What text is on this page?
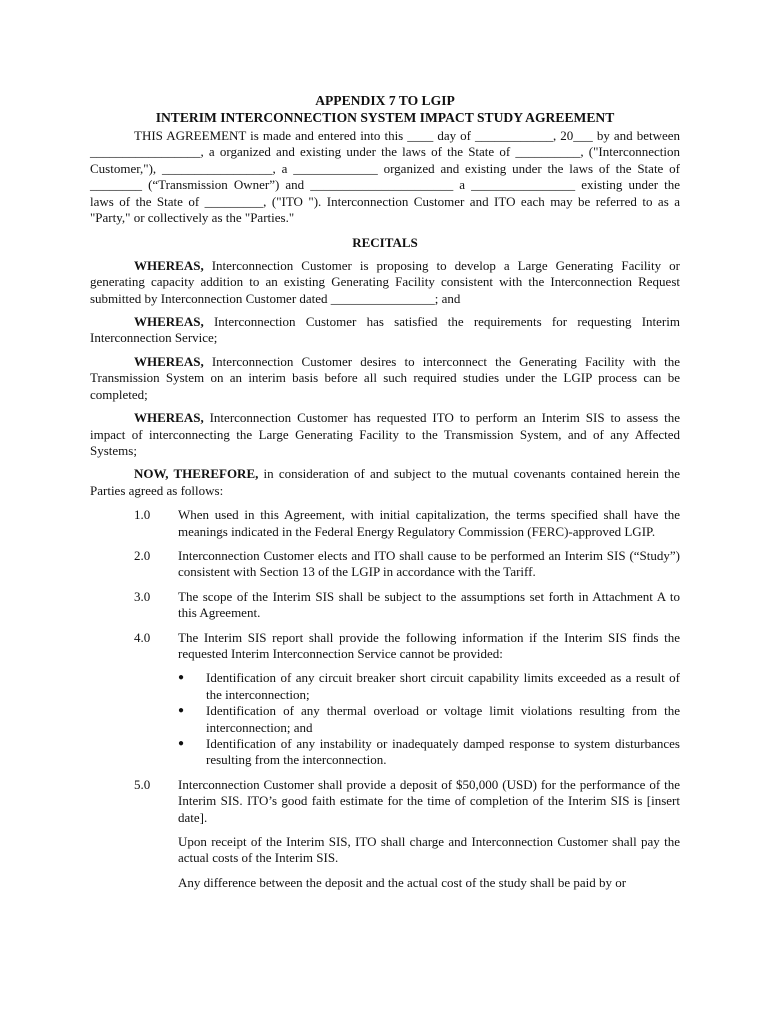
APPENDIX 7 TO LGIP
INTERIM INTERCONNECTION SYSTEM IMPACT STUDY AGREEMENT

THIS AGREEMENT is made and entered into this ____ day of ____________, 20___ by and between _________________, a organized and existing under the laws of the State of __________, ("Interconnection Customer,"), _________________, a _____________ organized and existing under the laws of the State of ________ (“Transmission Owner”) and ______________________ a ________________ existing under the laws of the State of _________, ("ITO "). Interconnection Customer and ITO each may be referred to as a "Party," or collectively as the "Parties."

RECITALS

WHEREAS, Interconnection Customer is proposing to develop a Large Generating Facility or generating capacity addition to an existing Generating Facility consistent with the Interconnection Request submitted by Interconnection Customer dated ________________; and

WHEREAS, Interconnection Customer has satisfied the requirements for requesting Interim Interconnection Service;

WHEREAS, Interconnection Customer desires to interconnect the Generating Facility with the Transmission System on an interim basis before all such required studies under the LGIP process can be completed;

WHEREAS, Interconnection Customer has requested ITO to perform an Interim SIS to assess the impact of interconnecting the Large Generating Facility to the Transmission System, and of any Affected Systems;

NOW, THEREFORE, in consideration of and subject to the mutual covenants contained herein the Parties agreed as follows:

1.0	When used in this Agreement, with initial capitalization, the terms specified shall have the meanings indicated in the Federal Energy Regulatory Commission (FERC)-approved LGIP.

2.0	Interconnection Customer elects and ITO shall cause to be performed an Interim SIS (“Study”) consistent with Section 13 of the LGIP in accordance with the Tariff.

3.0	The scope of the Interim SIS shall be subject to the assumptions set forth in Attachment A to this Agreement.

4.0	The Interim SIS report shall provide the following information if the Interim SIS finds the requested Interim Interconnection Service cannot be provided:

●	Identification of any circuit breaker short circuit capability limits exceeded as a result of the interconnection;
●	Identification of any thermal overload or voltage limit violations resulting from the interconnection; and
●	Identification of any instability or inadequately damped response to system disturbances resulting from the interconnection.
5.0	Interconnection Customer shall provide a deposit of $50,000 (USD) for the performance of the Interim SIS. ITO’s good faith estimate for the time of completion of the Interim SIS is [insert date].

Upon receipt of the Interim SIS, ITO shall charge and Interconnection Customer shall pay the actual costs of the Interim SIS.

Any difference between the deposit and the actual cost of the study shall be paid by or
